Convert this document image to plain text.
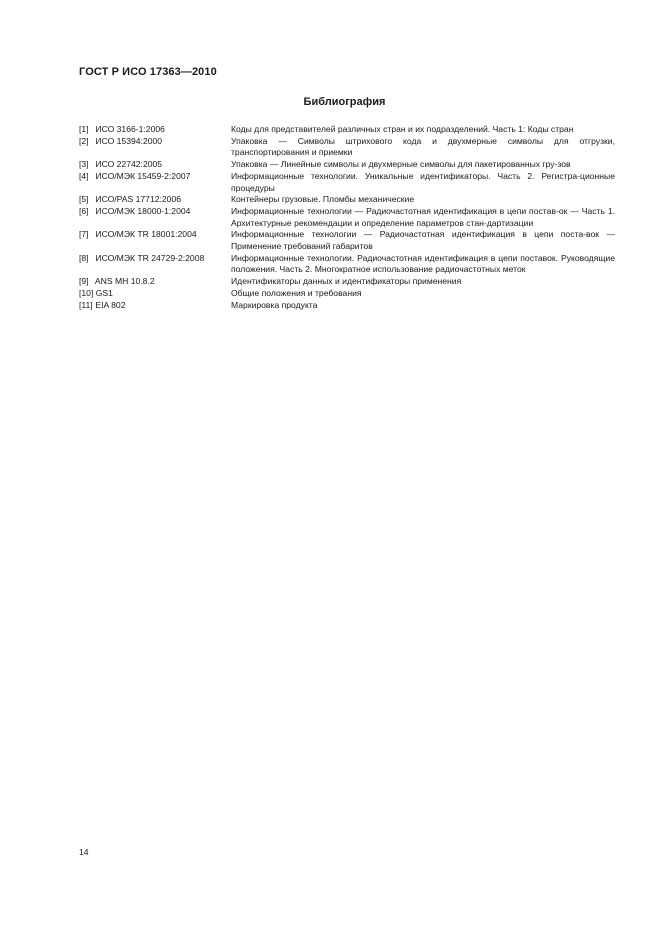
ГОСТ Р ИСО 17363—2010
Библиография
[1] ИСО 3166-1:2006	Коды для представителей различных стран и их подразделений. Часть 1: Коды стран
[2] ИСО 15394:2000	Упаковка — Символы штрихового кода и двухмерные символы для отгрузки, транспортирования и приемки
[3] ИСО 22742:2005	Упаковка — Линейные символы и двухмерные символы для пакетированных гру-зов
[4] ИСО/МЭК 15459-2:2007	Информационные технологии. Уникальные идентификаторы. Часть 2. Регистра-ционные процедуры
[5] ИСО/PAS 17712:2006	Контейнеры грузовые. Пломбы механические
[6] ИСО/МЭК 18000-1:2004	Информационные технологии — Радиочастотная идентификация в цепи постав-ок — Часть 1. Архитектурные рекомендации и определение параметров стан-дартизации
[7] ИСО/МЭК TR 18001:2004	Информационные технологии — Радиочастотная идентификация в цепи поста-вок — Применение требований габаритов
[8] ИСО/МЭК TR 24729-2:2008	Информационные технологии. Радиочастотная идентификация в цепи поставок. Руководящие положения. Часть 2. Многократное использование радиочастотных меток
[9] ANS MH 10.8.2	Идентификаторы данных и идентификаторы применения
[10] GS1	Общие положения и требования
[11] EIA 802	Маркировка продукта
14
